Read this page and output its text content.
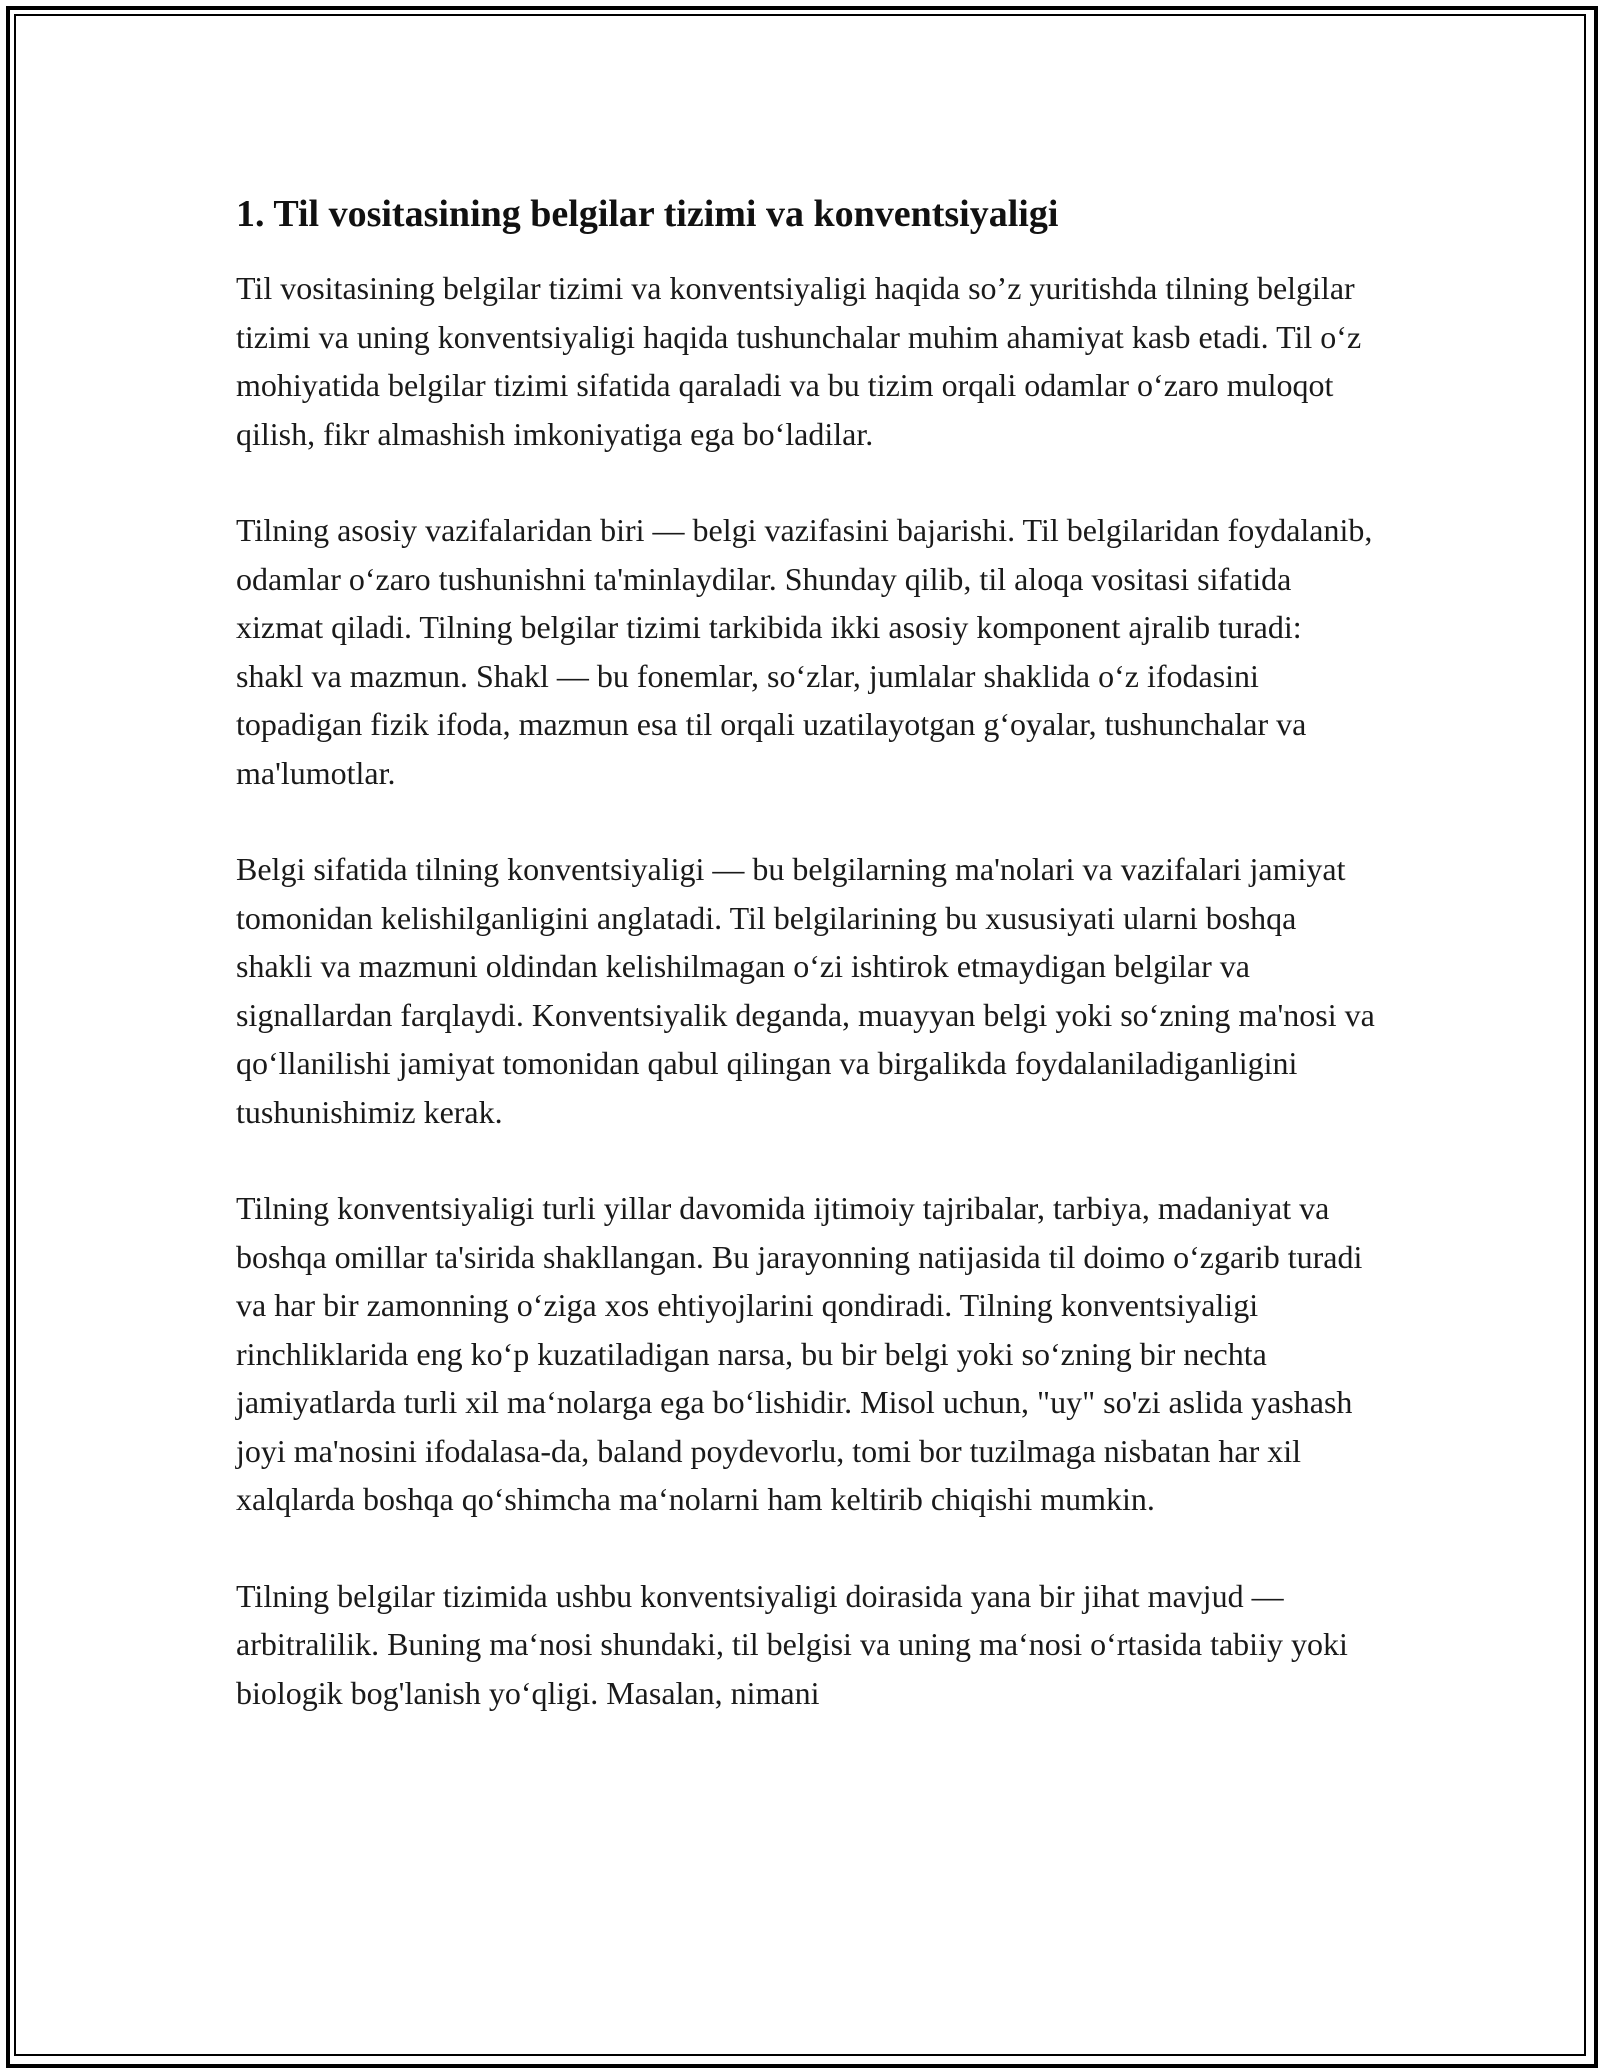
1. Til vositasining belgilar tizimi va konventsiyaligi

Til vositasining belgilar tizimi va konventsiyaligi haqida so’z yuritishda tilning belgilar tizimi va uning konventsiyaligi haqida tushunchalar muhim ahamiyat kasb etadi. Til o‘z mohiyatida belgilar tizimi sifatida qaraladi va bu tizim orqali odamlar o‘zaro muloqot qilish, fikr almashish imkoniyatiga ega bo‘ladilar.

Tilning asosiy vazifalaridan biri — belgi vazifasini bajarishi. Til belgilaridan foydalanib, odamlar o‘zaro tushunishni ta'minlaydilar. Shunday qilib, til aloqa vositasi sifatida xizmat qiladi. Tilning belgilar tizimi tarkibida ikki asosiy komponent ajralib turadi: shakl va mazmun. Shakl — bu fonemlar, so‘zlar, jumlalar shaklida o‘z ifodasini topadigan fizik ifoda, mazmun esa til orqali uzatilayotgan g‘oyalar, tushunchalar va ma'lumotlar.

Belgi sifatida tilning konventsiyaligi — bu belgilarning ma'nolari va vazifalari jamiyat tomonidan kelishilganligini anglatadi. Til belgilarining bu xususiyati ularni boshqa shakli va mazmuni oldindan kelishilmagan o‘zi ishtirok etmaydigan belgilar va signallardan farqlaydi. Konventsiyalik deganda, muayyan belgi yoki so‘zning ma'nosi va qo‘llanilishi jamiyat tomonidan qabul qilingan va birgalikda foydalaniladiganligini tushunishimiz kerak.

Tilning konventsiyaligi turli yillar davomida ijtimoiy tajribalar, tarbiya, madaniyat va boshqa omillar ta'sirida shakllangan. Bu jarayonning natijasida til doimo o‘zgarib turadi va har bir zamonning o‘ziga xos ehtiyojlarini qondiradi. Tilning konventsiyaligi rinchliklarida eng ko‘p kuzatiladigan narsa, bu bir belgi yoki so‘zning bir nechta jamiyatlarda turli xil ma‘nolarga ega bo‘lishidir. Misol uchun, "uy" so'zi aslida yashash joyi ma'nosini ifodalasa-da, baland poydevorlu, tomi bor tuzilmaga nisbatan har xil xalqlarda boshqa qo‘shimcha ma‘nolarni ham keltirib chiqishi mumkin.

Tilning belgilar tizimida ushbu konventsiyaligi doirasida yana bir jihat mavjud — arbitralilik. Buning ma‘nosi shundaki, til belgisi va uning ma‘nosi o‘rtasida tabiiy yoki biologik bog'lanish yo‘qligi. Masalan, nimani
